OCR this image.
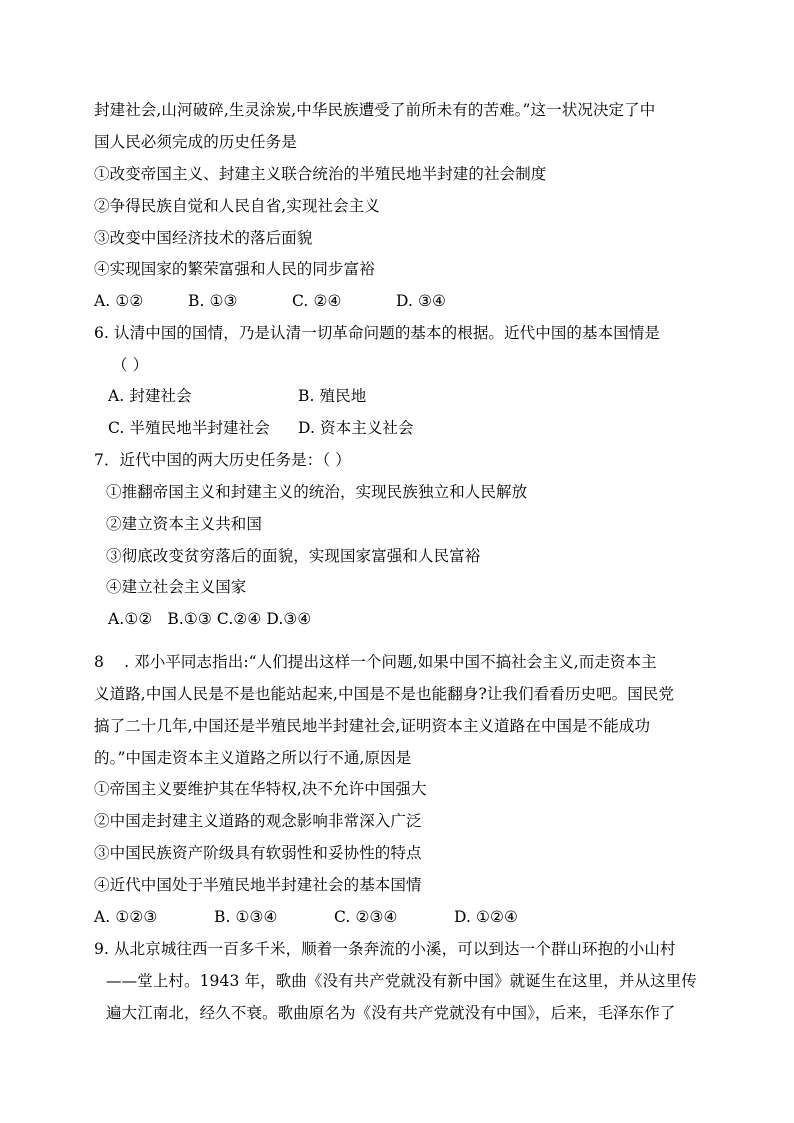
封建社会,山河破碎,生灵涂炭,中华民族遭受了前所未有的苦难。”这一状况决定了中
国人民必须完成的历史任务是
①改变帝国主义、封建主义联合统治的半殖民地半封建的社会制度
②争得民族自觉和人民自省,实现社会主义
③改变中国经济技术的落后面貌
④实现国家的繁荣富强和人民的同步富裕
A. ①②	B. ①③	C. ②④	D. ③④
6. 认清中国的国情，乃是认清一切革命问题的基本的根据。近代中国的基本国情是
（ ）
A. 封建社会	B. 殖民地
C. 半殖民地半封建社会	D. 资本主义社会
7．近代中国的两大历史任务是：（ ）
①推翻帝国主义和封建主义的统治，实现民族独立和人民解放
②建立资本主义共和国
③彻底改变贫穷落后的面貌，实现国家富强和人民富裕
④建立社会主义国家
A.①②   B.①③ C.②④ D.③④
8    . 邓小平同志指出:“人们提出这样一个问题,如果中国不搞社会主义,而走资本主
义道路,中国人民是不是也能站起来,中国是不是也能翻身?让我们看看历史吧。国民党
搞了二十几年,中国还是半殖民地半封建社会,证明资本主义道路在中国是不能成功
的。”中国走资本主义道路之所以行不通,原因是
①帝国主义要维护其在华特权,决不允许中国强大
②中国走封建主义道路的观念影响非常深入广泛
③中国民族资产阶级具有软弱性和妥协性的特点
④近代中国处于半殖民地半封建社会的基本国情
A. ①②③	B. ①③④	C. ②③④	D. ①②④
9. 从北京城往西一百多千米，顺着一条奔流的小溪，可以到达一个群山环抱的小山村
——堂上村。1943 年，歌曲《没有共产党就没有新中国》就诞生在这里，并从这里传
遍大江南北，经久不衰。歌曲原名为《没有共产党就没有中国》，后来，毛泽东作了
